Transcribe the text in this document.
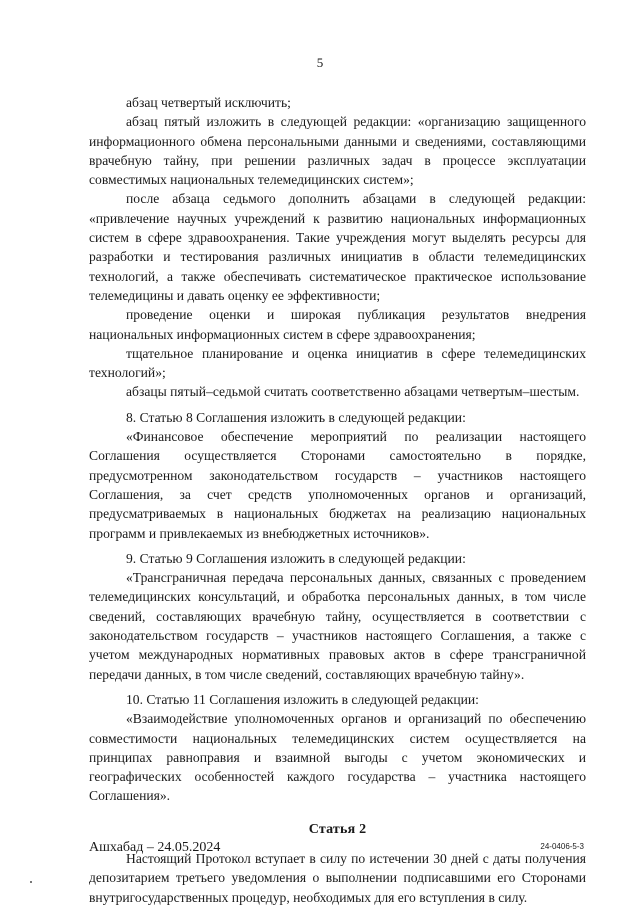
5

абзац четвертый исключить;

абзац пятый изложить в следующей редакции: «организацию защищенного информационного обмена персональными данными и сведениями, составляющими врачебную тайну, при решении различных задач в процессе эксплуатации совместимых национальных телемедицинских систем»;

после абзаца седьмого дополнить абзацами в следующей редакции: «привлечение научных учреждений к развитию национальных информационных систем в сфере здравоохранения. Такие учреждения могут выделять ресурсы для разработки и тестирования различных инициатив в области телемедицинских технологий, а также обеспечивать систематическое практическое использование телемедицины и давать оценку ее эффективности;

проведение оценки и широкая публикация результатов внедрения национальных информационных систем в сфере здравоохранения;

тщательное планирование и оценка инициатив в сфере телемедицинских технологий»;

абзацы пятый–седьмой считать соответственно абзацами четвертым–шестым.

8. Статью 8 Соглашения изложить в следующей редакции:

«Финансовое обеспечение мероприятий по реализации настоящего Соглашения осуществляется Сторонами самостоятельно в порядке, предусмотренном законодательством государств – участников настоящего Соглашения, за счет средств уполномоченных органов и организаций, предусматриваемых в национальных бюджетах на реализацию национальных программ и привлекаемых из внебюджетных источников».

9. Статью 9 Соглашения изложить в следующей редакции:

«Трансграничная передача персональных данных, связанных с проведением телемедицинских консультаций, и обработка персональных данных, в том числе сведений, составляющих врачебную тайну, осуществляется в соответствии с законодательством государств – участников настоящего Соглашения, а также с учетом международных нормативных правовых актов в сфере трансграничной передачи данных, в том числе сведений, составляющих врачебную тайну».

10. Статью 11 Соглашения изложить в следующей редакции:

«Взаимодействие уполномоченных органов и организаций по обеспечению совместимости национальных телемедицинских систем осуществляется на принципах равноправия и взаимной выгоды с учетом экономических и географических особенностей каждого государства – участника настоящего Соглашения».

Статья 2

Настоящий Протокол вступает в силу по истечении 30 дней с даты получения депозитарием третьего уведомления о выполнении подписавшими его Сторонами внутригосударственных процедур, необходимых для его вступления в силу.

Ашхабад – 24.05.2024	24-0406-5-3
